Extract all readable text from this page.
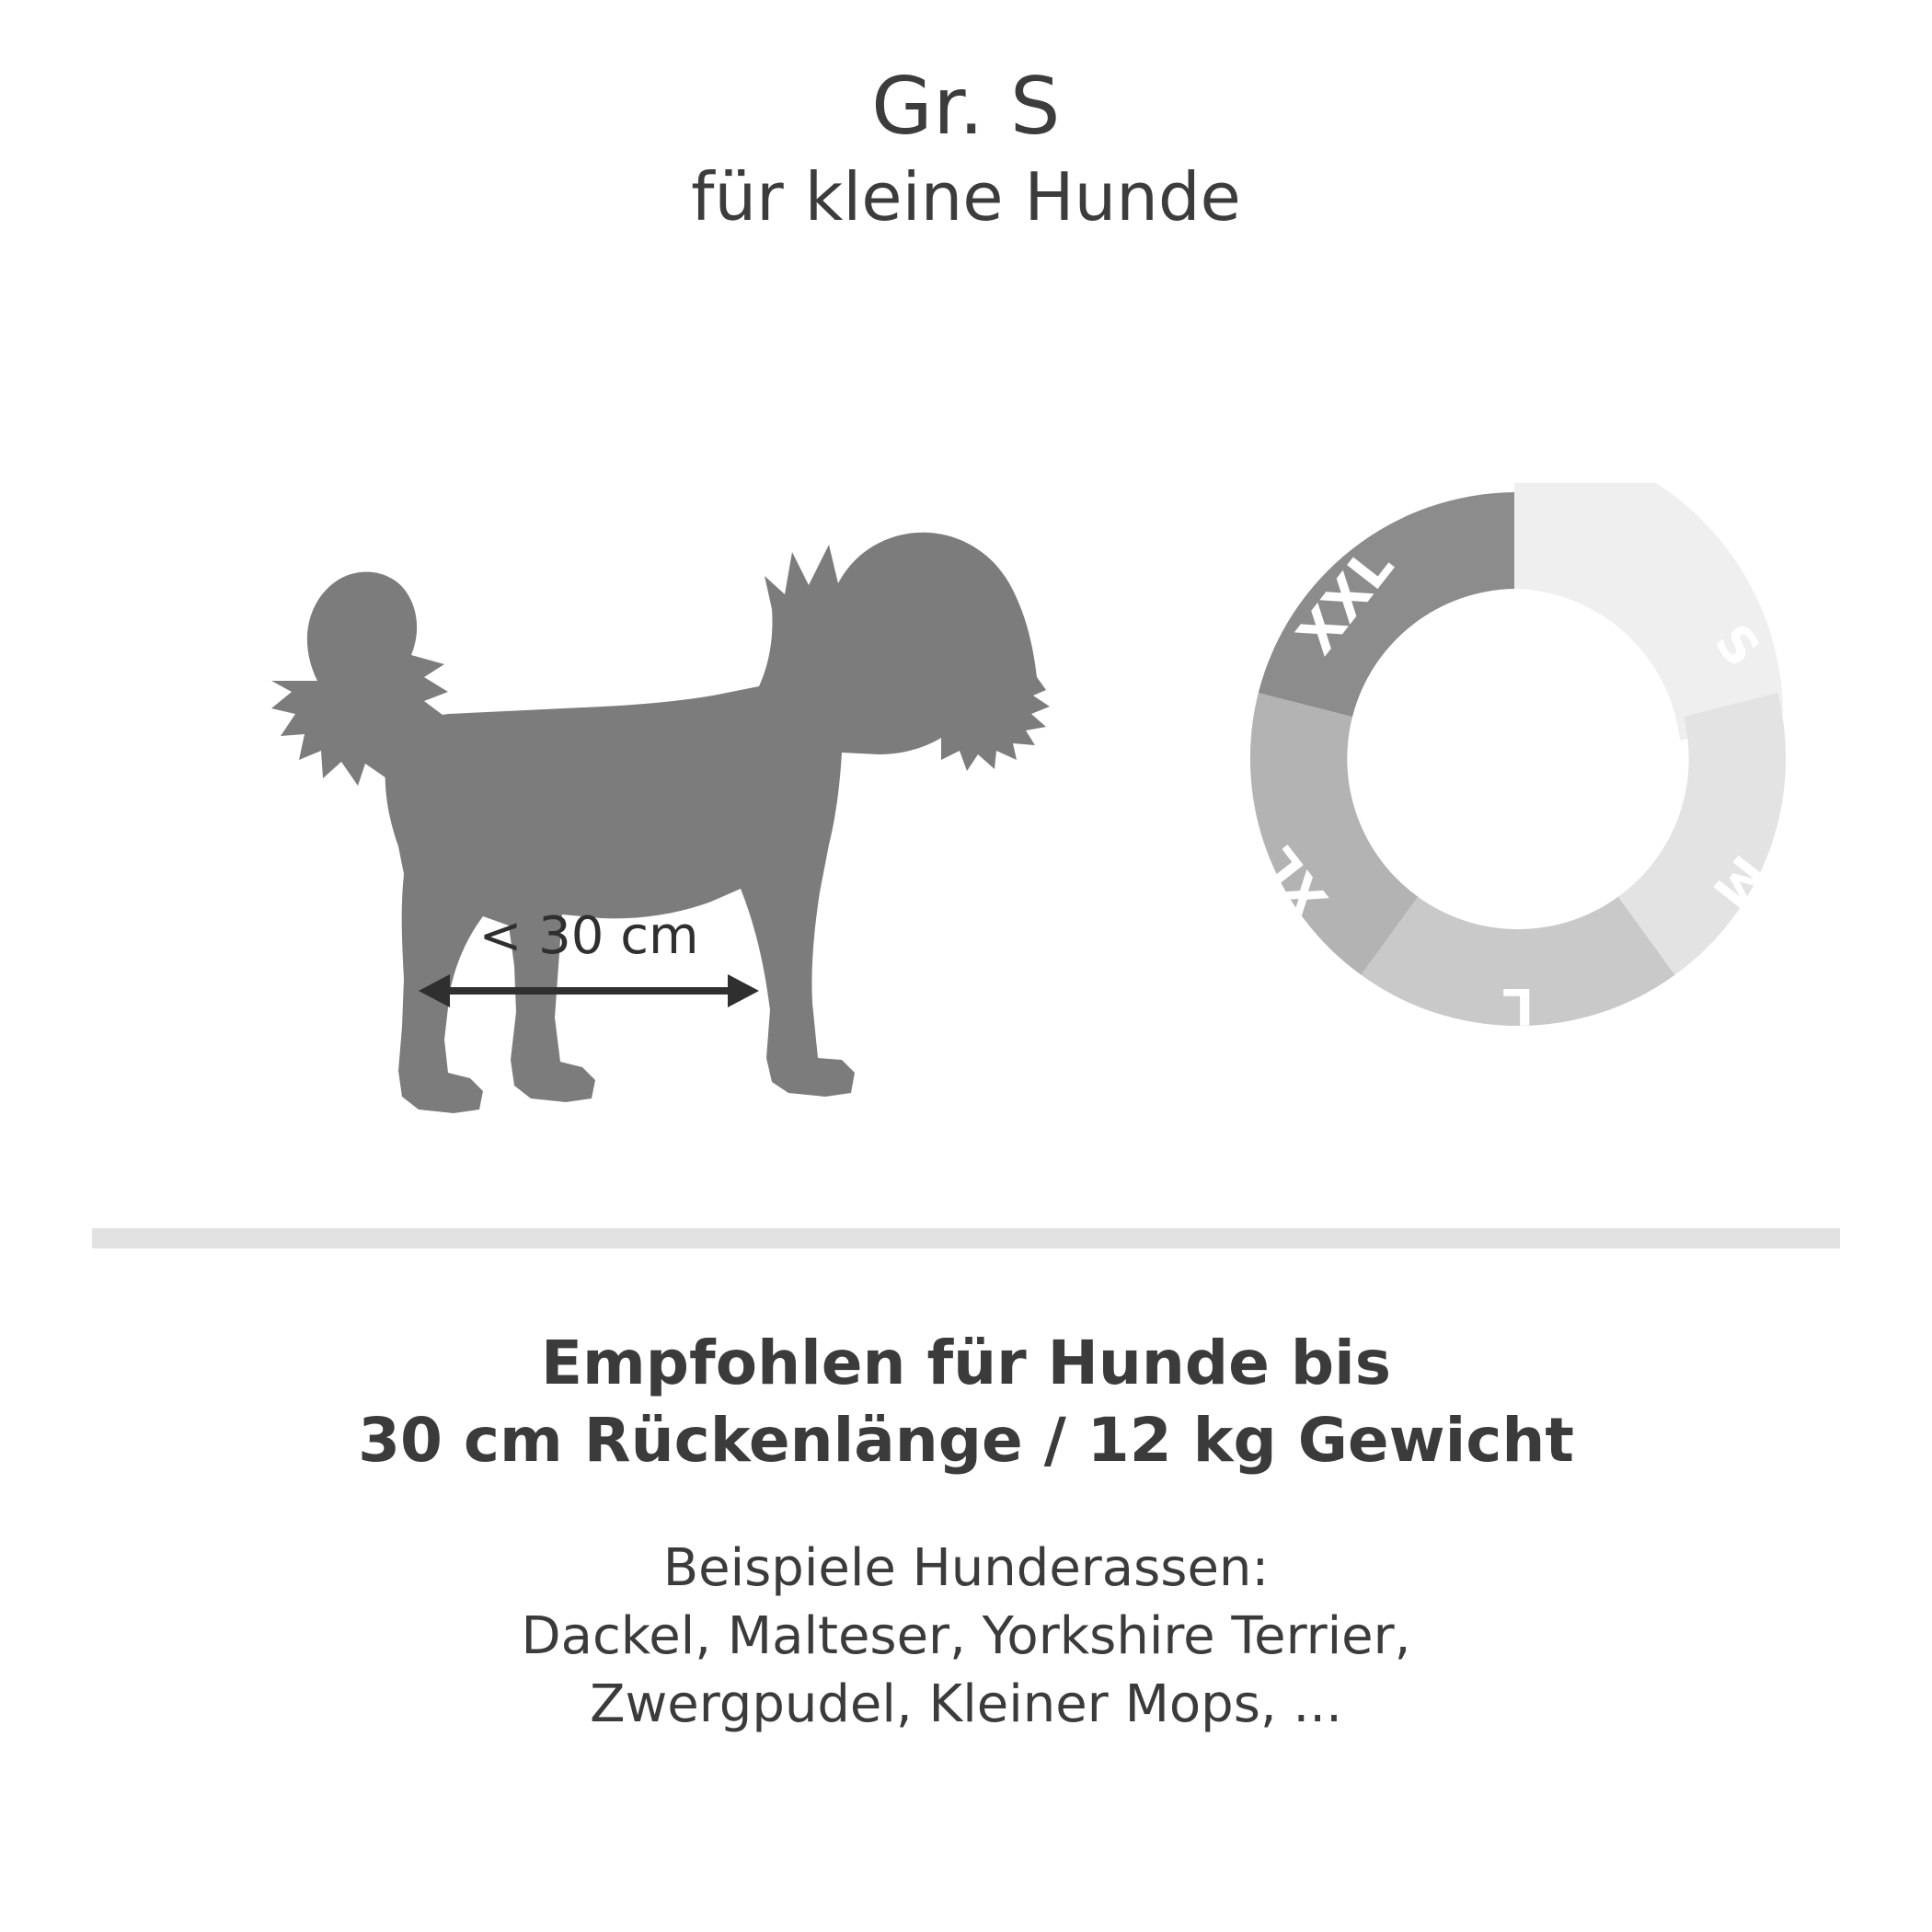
Gr. S
für kleine Hunde
< 30 cm
S
M
L
XL
XXL
Empfohlen für Hunde bis
30 cm Rückenlänge / 12 kg Gewicht
Beispiele Hunderassen:
Dackel, Malteser, Yorkshire Terrier,
Zwergpudel, Kleiner Mops, ...
